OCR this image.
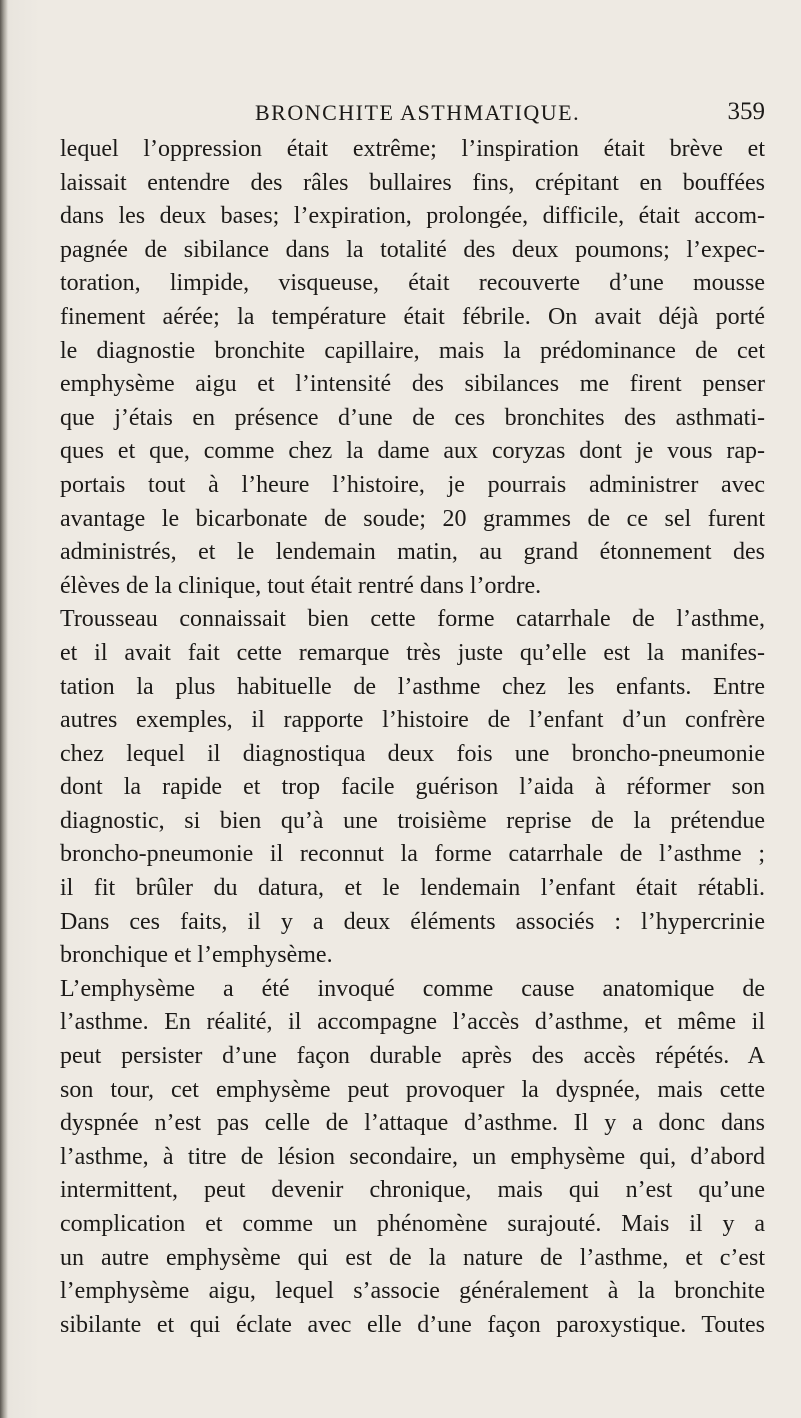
BRONCHITE ASTHMATIQUE.	359
lequel l’oppression était extrême; l’inspiration était brève et
laissait entendre des râles bullaires fins, crépitant en bouffées
dans les deux bases; l’expiration, prolongée, difficile, était accom-
pagnée de sibilance dans la totalité des deux poumons; l’expec-
toration, limpide, visqueuse, était recouverte d’une mousse
finement aérée; la température était fébrile. On avait déjà porté
le diagnostie bronchite capillaire, mais la prédominance de cet
emphysème aigu et l’intensité des sibilances me firent penser
que j’étais en présence d’une de ces bronchites des asthmati-
ques et que, comme chez la dame aux coryzas dont je vous rap-
portais tout à l’heure l’histoire, je pourrais administrer avec
avantage le bicarbonate de soude; 20 grammes de ce sel furent
administrés, et le lendemain matin, au grand étonnement des
élèves de la clinique, tout était rentré dans l’ordre.
Trousseau connaissait bien cette forme catarrhale de l’asthme,
et il avait fait cette remarque très juste qu’elle est la manifes-
tation la plus habituelle de l’asthme chez les enfants. Entre
autres exemples, il rapporte l’histoire de l’enfant d’un confrère
chez lequel il diagnostiqua deux fois une broncho-pneumonie
dont la rapide et trop facile guérison l’aida à réformer son
diagnostic, si bien qu’à une troisième reprise de la prétendue
broncho-pneumonie il reconnut la forme catarrhale de l’asthme ;
il fit brûler du datura, et le lendemain l’enfant était rétabli.
Dans ces faits, il y a deux éléments associés : l’hypercrinie
bronchique et l’emphysème.
L’emphysème a été invoqué comme cause anatomique de
l’asthme. En réalité, il accompagne l’accès d’asthme, et même il
peut persister d’une façon durable après des accès répétés. A
son tour, cet emphysème peut provoquer la dyspnée, mais cette
dyspnée n’est pas celle de l’attaque d’asthme. Il y a donc dans
l’asthme, à titre de lésion secondaire, un emphysème qui, d’abord
intermittent, peut devenir chronique, mais qui n’est qu’une
complication et comme un phénomène surajouté. Mais il y a
un autre emphysème qui est de la nature de l’asthme, et c’est
l’emphysème aigu, lequel s’associe généralement à la bronchite
sibilante et qui éclate avec elle d’une façon paroxystique. Toutes
